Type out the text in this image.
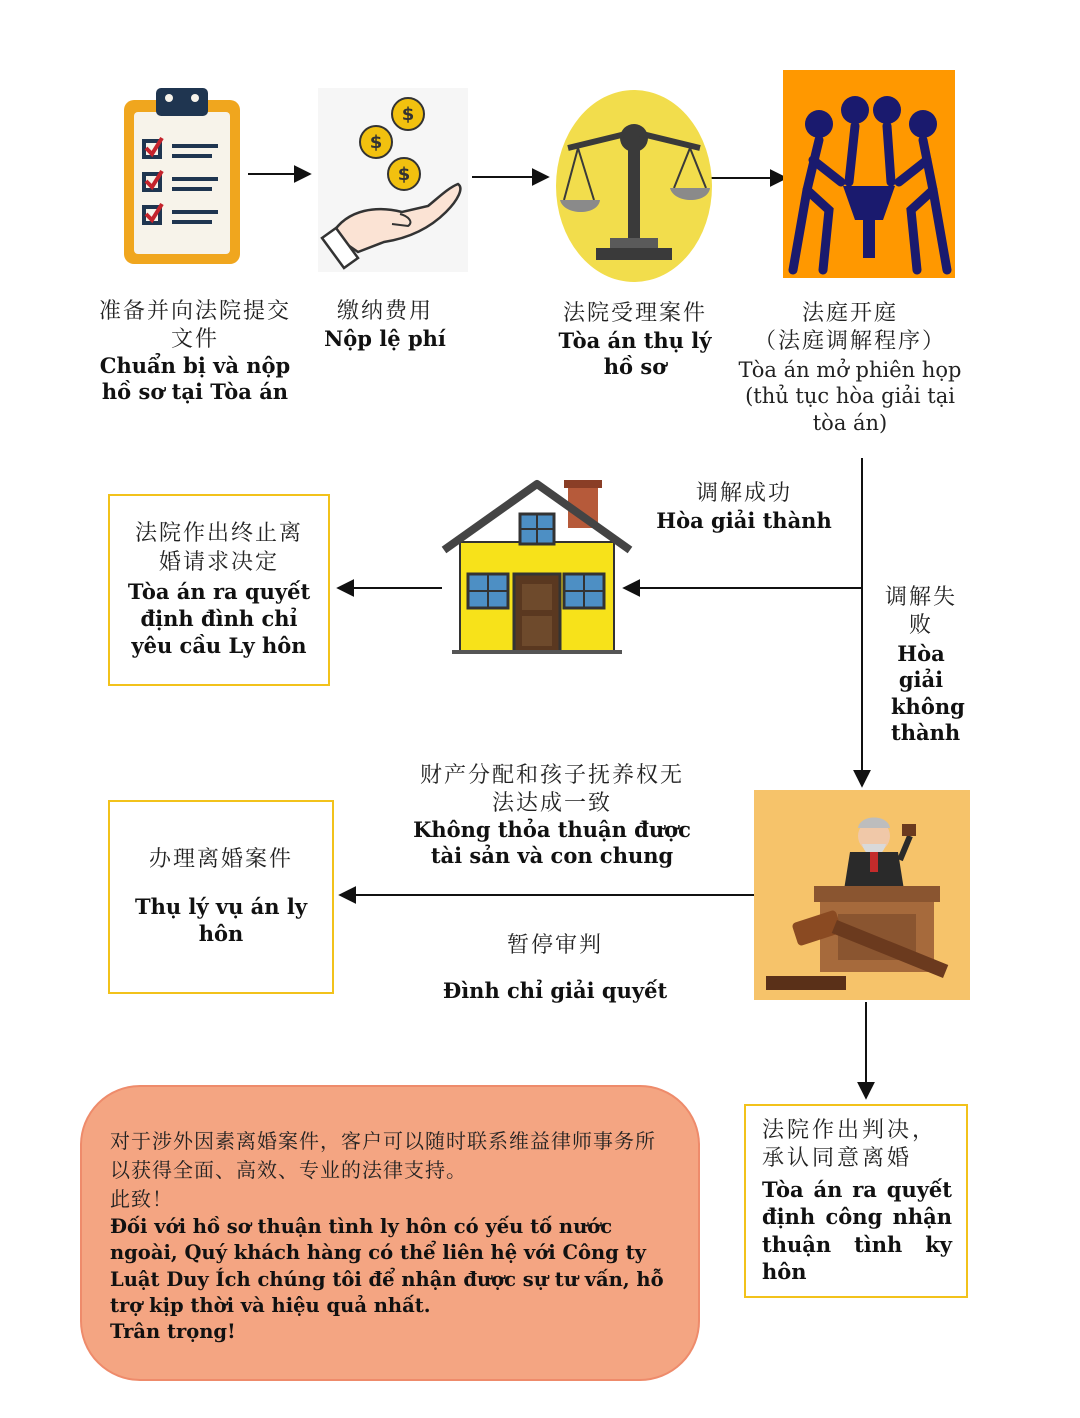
$
$
$
准备并向法院提交文件
Chuẩn bị và nộp hồ sơ tại Tòa án
缴纳费用
Nộp lệ phí
法院受理案件
Tòa án thụ lý hồ sơ
法庭开庭
（法庭调解程序）
Tòa án mở phiên họp (thủ tục hòa giải tại tòa án)
法院作出终止离婚请求决定
Tòa án ra quyết định đình chỉ yêu cầu Ly hôn
调解成功
Hòa giải thành
调解失败
Hòa giải không thành
财产分配和孩子抚养权无法达成一致
Không thỏa thuận được tài sản và con chung
暂停审判
Đình chỉ giải quyết
办理离婚案件
Thụ lý vụ án ly hôn
法院作出判决，承认同意离婚
Tòa án ra quyết định công nhận thuận tình ky hôn
对于涉外因素离婚案件，客户可以随时联系维益律师事务所以获得全面、高效、专业的法律支持。
此致！
Đối với hồ sơ thuận tình ly hôn có yếu tố nước ngoài, Quý khách hàng có thể liên hệ với Công ty Luật Duy Ích chúng tôi để nhận được sự tư vấn, hỗ trợ kịp thời và hiệu quả nhất.
Trân trọng!
